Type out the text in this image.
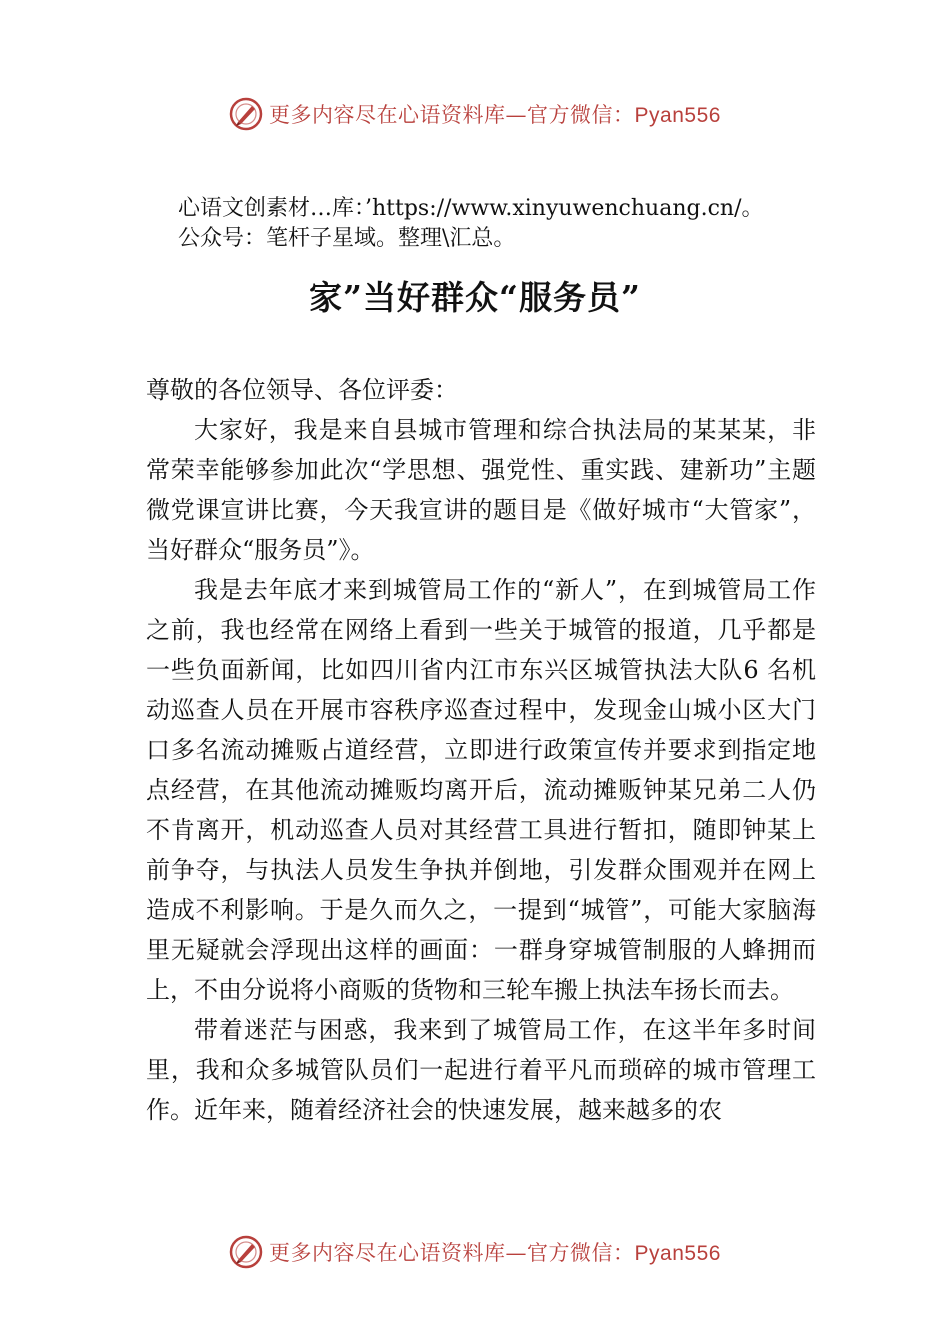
更多内容尽在心语资料库—官方微信：Pyan556
心语文创素材…库：’https://www.xinyuwenchuang.cn/。
公众号：笔杆子星域。整理\汇总。
家”当好群众“服务员”

尊敬的各位领导、各位评委：

大家好，我是来自县城市管理和综合执法局的某某某，非常荣幸能够参加此次“学思想、强党性、重实践、建新功”主题微党课宣讲比赛，今天我宣讲的题目是《做好城市“大管家”，当好群众“服务员”》。

我是去年底才来到城管局工作的“新人”，在到城管局工作之前，我也经常在网络上看到一些关于城管的报道，几乎都是一些负面新闻，比如四川省内江市东兴区城管执法大队6 名机动巡查人员在开展市容秩序巡查过程中，发现金山城小区大门口多名流动摊贩占道经营，立即进行政策宣传并要求到指定地点经营，在其他流动摊贩均离开后，流动摊贩钟某兄弟二人仍不肯离开，机动巡查人员对其经营工具进行暂扣，随即钟某上前争夺，与执法人员发生争执并倒地，引发群众围观并在网上造成不利影响。于是久而久之，一提到“城管”，可能大家脑海里无疑就会浮现出这样的画面：一群身穿城管制服的人蜂拥而上，不由分说将小商贩的货物和三轮车搬上执法车扬长而去。

带着迷茫与困惑，我来到了城管局工作，在这半年多时间里，我和众多城管队员们一起进行着平凡而琐碎的城市管理工作。近年来，随着经济社会的快速发展，越来越多的农

更多内容尽在心语资料库—官方微信：Pyan556
